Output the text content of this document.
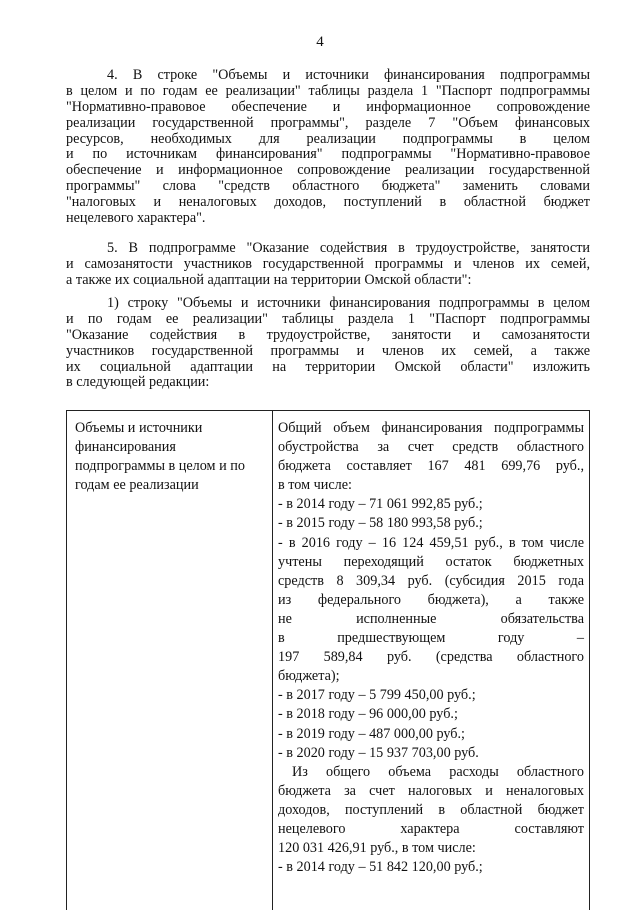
4
4. В строке "Объемы и источники финансирования подпрограммы
в целом и по годам ее реализации" таблицы раздела 1 "Паспорт подпрограммы
"Нормативно-правовое обеспечение и информационное сопровождение
реализации государственной программы", разделе 7 "Объем финансовых
ресурсов, необходимых для реализации подпрограммы в целом
и по источникам финансирования" подпрограммы "Нормативно-правовое
обеспечение и информационное сопровождение реализации государственной
программы" слова "средств областного бюджета" заменить словами
"налоговых и неналоговых доходов, поступлений в областной бюджет
нецелевого характера".
5. В подпрограмме "Оказание содействия в трудоустройстве, занятости
и самозанятости участников государственной программы и членов их семей,
а также их социальной адаптации на территории Омской области":
1) строку "Объемы и источники финансирования подпрограммы в целом
и по годам ее реализации" таблицы раздела 1 "Паспорт подпрограммы
"Оказание содействия в трудоустройстве, занятости и самозанятости
участников государственной программы и членов их семей, а также
их социальной адаптации на территории Омской области" изложить
в следующей редакции:
Объемы и источники
финансирования
подпрограммы в целом и по
годам ее реализации
Общий объем финансирования подпрограммы
обустройства за счет средств областного
бюджета составляет 167 481 699,76 руб.,
в том числе:
- в 2014 году – 71 061 992,85 руб.;
- в 2015 году – 58 180 993,58 руб.;
- в 2016 году – 16 124 459,51 руб., в том числе
учтены переходящий остаток бюджетных
средств 8 309,34 руб. (субсидия 2015 года
из федерального бюджета), а также
не исполненные обязательства
в предшествующем году –
197 589,84 руб. (средства областного
бюджета);
- в 2017 году – 5 799 450,00 руб.;
- в 2018 году – 96 000,00 руб.;
- в 2019 году – 487 000,00 руб.;
- в 2020 году – 15 937 703,00 руб.
Из общего объема расходы областного
бюджета за счет налоговых и неналоговых
доходов, поступлений в областной бюджет
нецелевого характера составляют
120 031 426,91 руб., в том числе:
- в 2014 году – 51 842 120,00 руб.;
